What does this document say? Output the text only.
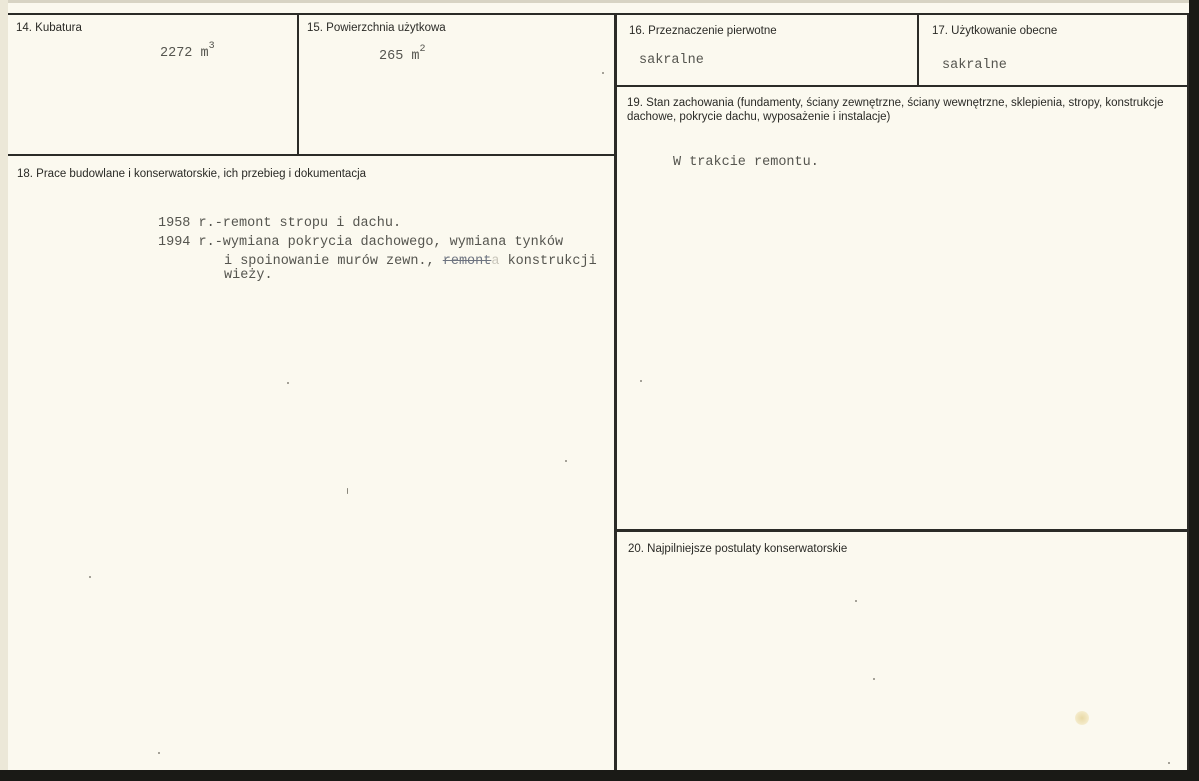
14. Kubatura
2272 $m^3$
15. Powierzchnia użytkowa
265 $m^2$
16. Przeznaczenie pierwotne
sakralne
17. Użytkowanie obecne
sakralne
19. Stan zachowania (fundamenty, ściany zewnętrzne, ściany wewnętrzne, sklepienia, stropy, konstrukcje dachowe, pokrycie dachu, wyposażenie i instalacje)
W trakcie remontu.
18. Prace budowlane i konserwatorskie, ich przebieg i dokumentacja
1958 r.-remont stropu i dachu.
1994 r.-wymiana pokrycia dachowego, wymiana tynków
i spoinowanie murów zewn., remonta konstrukcji
wieży.
20. Najpilniejsze postulaty konserwatorskie
